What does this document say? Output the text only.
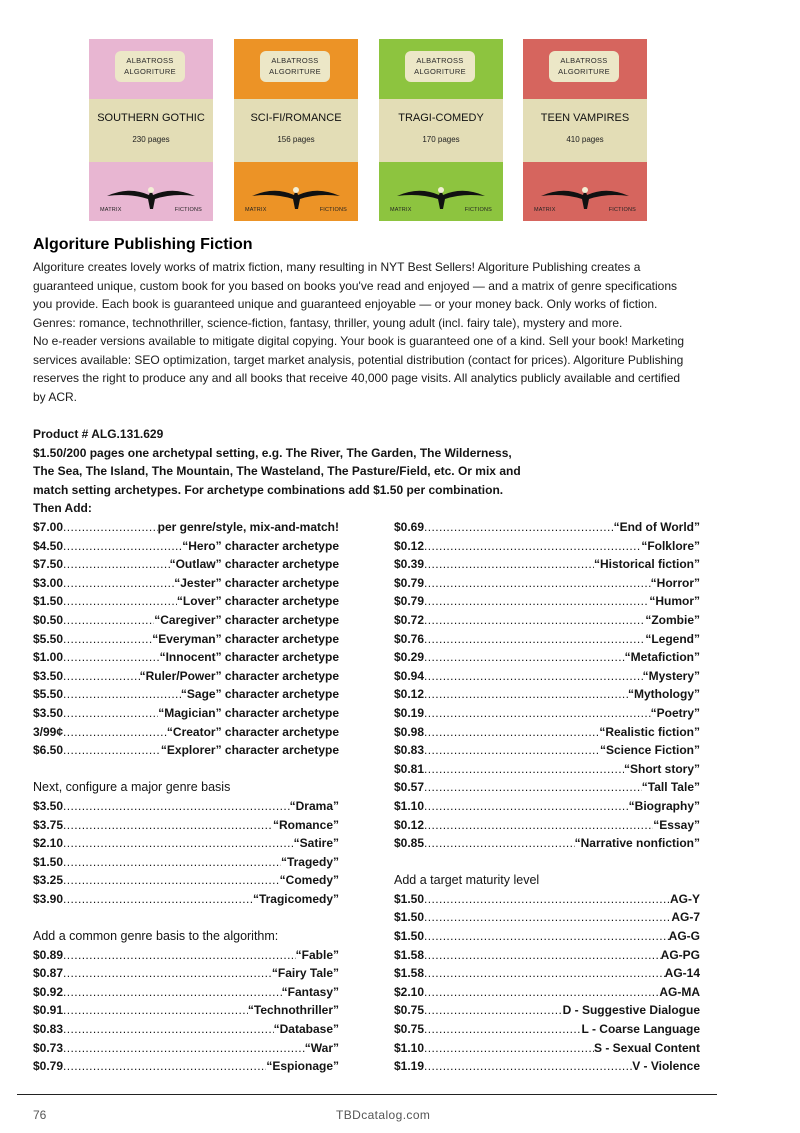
ALBATROSS ALGORITURE
SOUTHERN GOTHIC
230 pages
MATRIX	FICTIONS
ALBATROSS ALGORITURE
SCI-FI/ROMANCE
156 pages
MATRIX	FICTIONS
ALBATROSS ALGORITURE
TRAGI-COMEDY
170 pages
MATRIX	FICTIONS
ALBATROSS ALGORITURE
TEEN VAMPIRES
410 pages
MATRIX	FICTIONS
Algoriture Publishing Fiction

Algoriture creates lovely works of matrix fiction, many resulting in NYT Best Sellers! Algoriture Publishing creates a guaranteed unique, custom book for you based on books you've read and enjoyed — and a matrix of genre specifications you provide. Each book is guaranteed unique and guaranteed enjoyable — or your money back. Only works of fiction. Genres: romance, technothriller, science-fiction, fantasy, thriller, young adult (incl. fairy tale), mystery and more.

No e-reader versions available to mitigate digital copying. Your book is guaranteed one of a kind. Sell your book! Marketing services available: SEO optimization, target market analysis, potential distribution (contact for prices). Algoriture Publishing reserves the right to produce any and all books that receive 40,000 page visits. All analytics publicly available and certified by ACR.

Product # ALG.131.629
$1.50/200 pages one archetypal setting, e.g. The River, The Garden, The Wilderness,
The Sea, The Island, The Mountain, The Wasteland, The Pasture/Field, etc. Or mix and
match setting archetypes. For archetype combinations add $1.50 per combination.
Then Add:
$7.00 .....	per genre/style, mix-and-match!
$4.50 .....	“Hero” character archetype
$7.50 .....	“Outlaw” character archetype
$3.00 .....	“Jester” character archetype
$1.50 .....	“Lover” character archetype
$0.50 .....	“Caregiver” character archetype
$5.50 .....	“Everyman” character archetype
$1.00 .....	“Innocent” character archetype
$3.50 .....	“Ruler/Power” character archetype
$5.50 .....	“Sage” character archetype
$3.50 .....	“Magician” character archetype
3/99¢ .....	“Creator” character archetype
$6.50 .....	“Explorer” character archetype
Next, configure a major genre basis
$3.50 .....	“Drama”
$3.75 .....	“Romance”
$2.10 .....	“Satire”
$1.50 .....	“Tragedy”
$3.25 .....	“Comedy”
$3.90 .....	“Tragicomedy”
Add a common genre basis to the algorithm:
$0.89 .....	“Fable”
$0.87 .....	“Fairy Tale”
$0.92 .....	“Fantasy”
$0.91 .....	“Technothriller”
$0.83 .....	“Database”
$0.73 .....	“War”
$0.79 .....	“Espionage”
$0.69 .....	“End of World”
$0.12 .....	“Folklore”
$0.39 .....	“Historical fiction”
$0.79 .....	“Horror”
$0.79 .....	“Humor”
$0.72 .....	“Zombie”
$0.76 .....	“Legend”
$0.29 .....	“Metafiction”
$0.94 .....	“Mystery”
$0.12 .....	“Mythology”
$0.19 .....	“Poetry”
$0.98 .....	“Realistic fiction”
$0.83 .....	“Science Fiction”
$0.81 .....	“Short story”
$0.57 .....	“Tall Tale”
$1.10 .....	“Biography”
$0.12 .....	“Essay”
$0.85 .....	“Narrative nonfiction”
Add a target maturity level
$1.50 .....	AG-Y
$1.50 .....	AG-7
$1.50 .....	AG-G
$1.58 .....	AG-PG
$1.58 .....	AG-14
$2.10 .....	AG-MA
$0.75 .....	D - Suggestive Dialogue
$0.75 .....	L - Coarse Language
$1.10 .....	S - Sexual Content
$1.19 .....	V - Violence
76	TBDcatalog.com
